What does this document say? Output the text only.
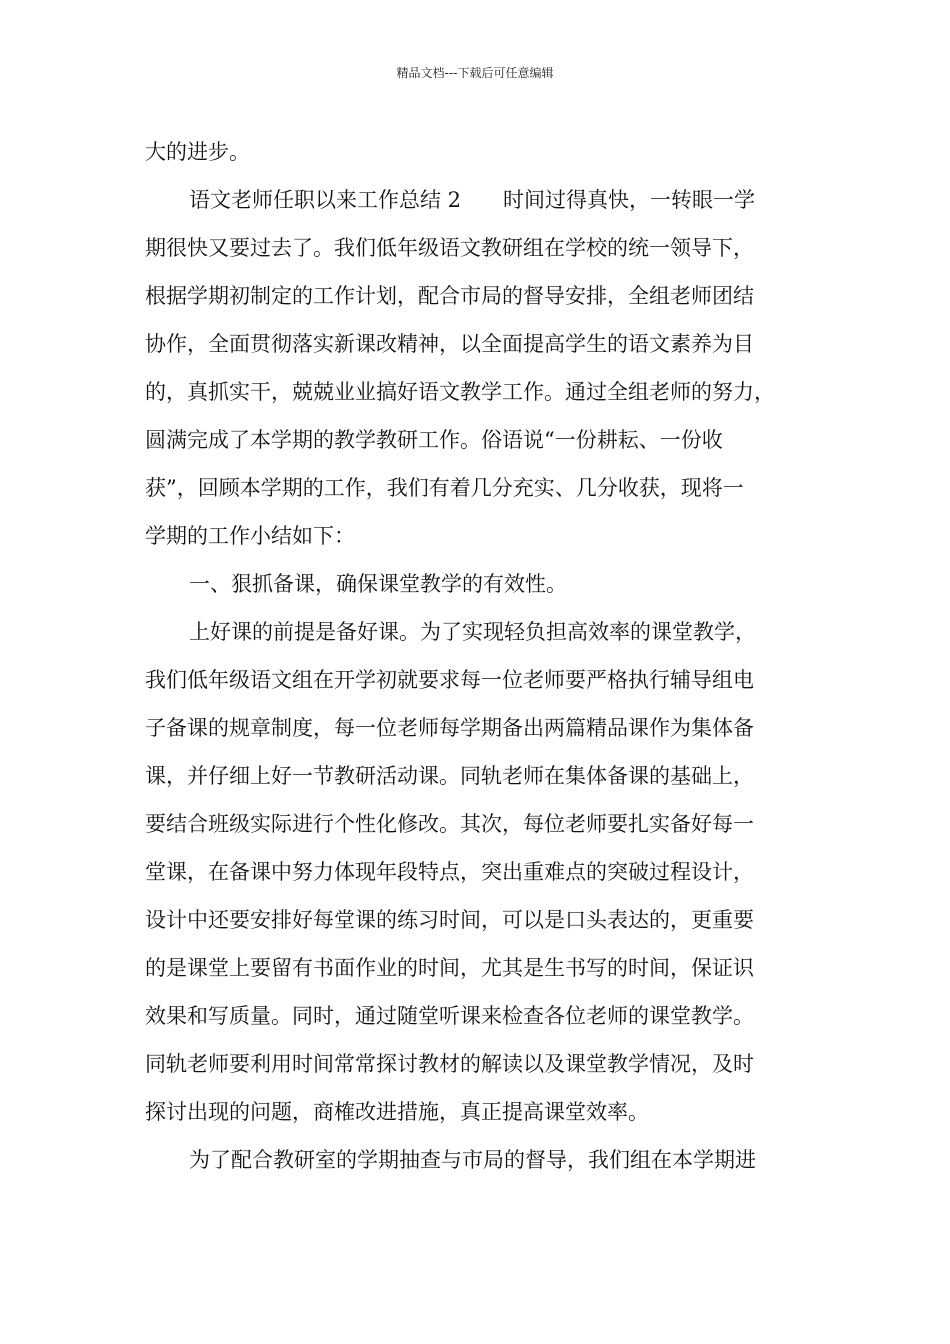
精品文档---下载后可任意编辑
大的进步。
语文老师任职以来工作总结 2 时间过得真快，一转眼一学
期很快又要过去了。我们低年级语文教研组在学校的统一领导下，
根据学期初制定的工作计划，配合市局的督导安排，全组老师团结
协作，全面贯彻落实新课改精神，以全面提高学生的语文素养为目
的，真抓实干，兢兢业业搞好语文教学工作。通过全组老师的努力，
圆满完成了本学期的教学教研工作。俗语说“一份耕耘、一份收
获”，回顾本学期的工作，我们有着几分充实、几分收获，现将一
学期的工作小结如下：
一、狠抓备课，确保课堂教学的有效性。
上好课的前提是备好课。为了实现轻负担高效率的课堂教学，
我们低年级语文组在开学初就要求每一位老师要严格执行辅导组电
子备课的规章制度，每一位老师每学期备出两篇精品课作为集体备
课，并仔细上好一节教研活动课。同轨老师在集体备课的基础上，
要结合班级实际进行个性化修改。其次，每位老师要扎实备好每一
堂课，在备课中努力体现年段特点，突出重难点的突破过程设计，
设计中还要安排好每堂课的练习时间，可以是口头表达的，更重要
的是课堂上要留有书面作业的时间，尤其是生书写的时间，保证识
效果和写质量。同时，通过随堂听课来检查各位老师的课堂教学。
同轨老师要利用时间常常探讨教材的解读以及课堂教学情况，及时
探讨出现的问题，商榷改进措施，真正提高课堂效率。
为了配合教研室的学期抽查与市局的督导，我们组在本学期进
